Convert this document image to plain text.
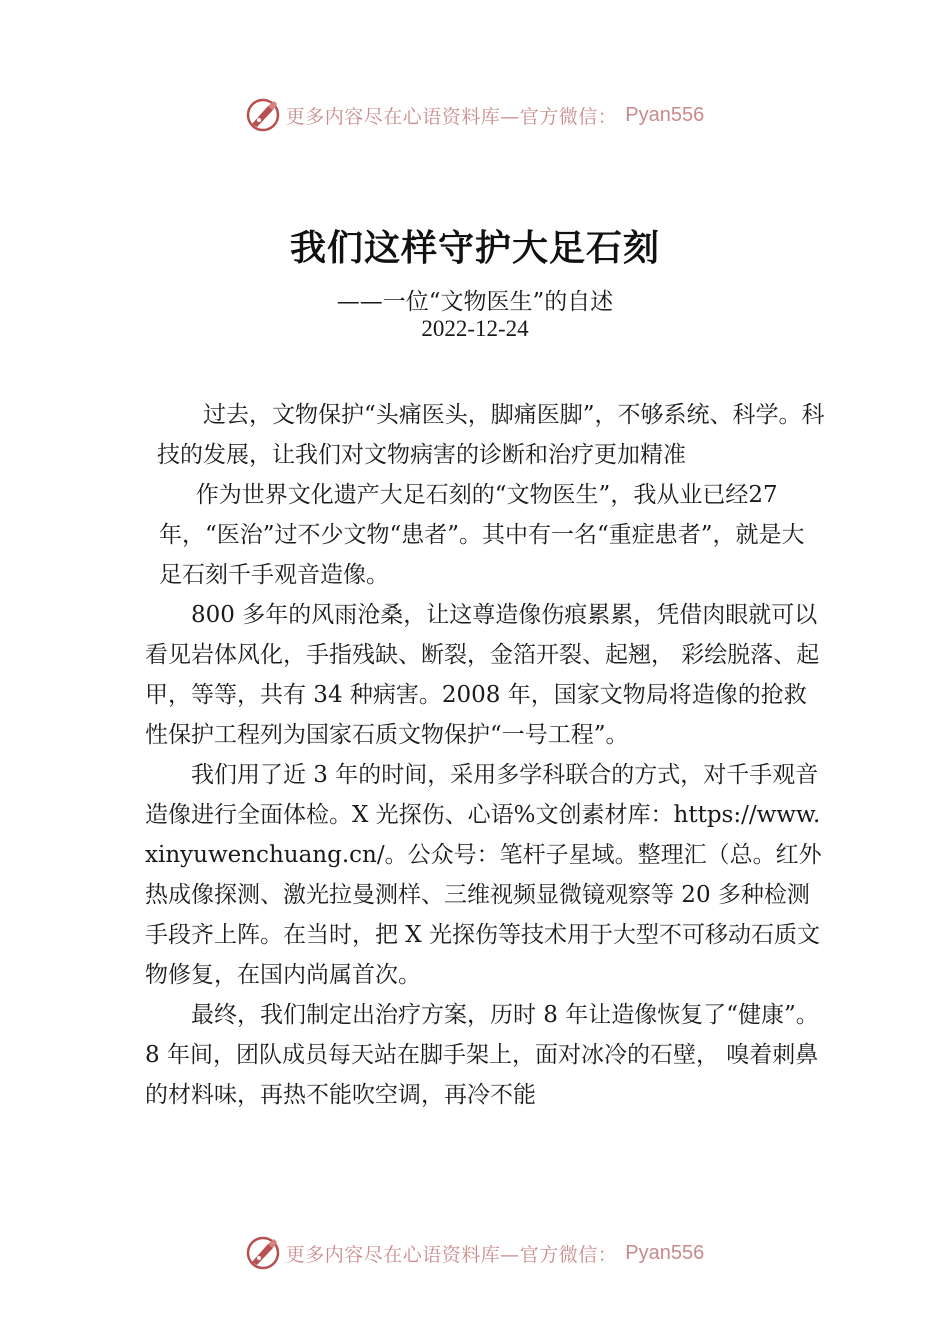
更多内容尽在心语资料库—官方微信： Pyan556
我们这样守护大足石刻
——一位“文物医生”的自述
2022-12-24

过去，文物保护“头痛医头，脚痛医脚”，不够系统、科学。科技的发展，让我们对文物病害的诊断和治疗更加精准

作为世界文化遗产大足石刻的“文物医生”，我从业已经27年，“医治”过不少文物“患者”。其中有一名“重症患者”，就是大足石刻千手观音造像。

800 多年的风雨沧桑，让这尊造像伤痕累累，凭借肉眼就可以看见岩体风化，手指残缺、断裂，金箔开裂、起翘， 彩绘脱落、起甲，等等，共有 34 种病害。2008 年，国家文物局将造像的抢救性保护工程列为国家石质文物保护“一号工程”。

我们用了近 3 年的时间，采用多学科联合的方式，对千手观音造像进行全面体检。X 光探伤、心语%文创素材库：https://www.xinyuwenchuang.cn/。公众号：笔杆子星域。整理汇（总。红外热成像探测、激光拉曼测样、三维视频显微镜观察等 20 多种检测手段齐上阵。在当时，把 X 光探伤等技术用于大型不可移动石质文物修复，在国内尚属首次。

最终，我们制定出治疗方案，历时 8 年让造像恢复了“健康”。8 年间，团队成员每天站在脚手架上，面对冰冷的石壁， 嗅着刺鼻的材料味，再热不能吹空调，再冷不能

更多内容尽在心语资料库—官方微信： Pyan556
